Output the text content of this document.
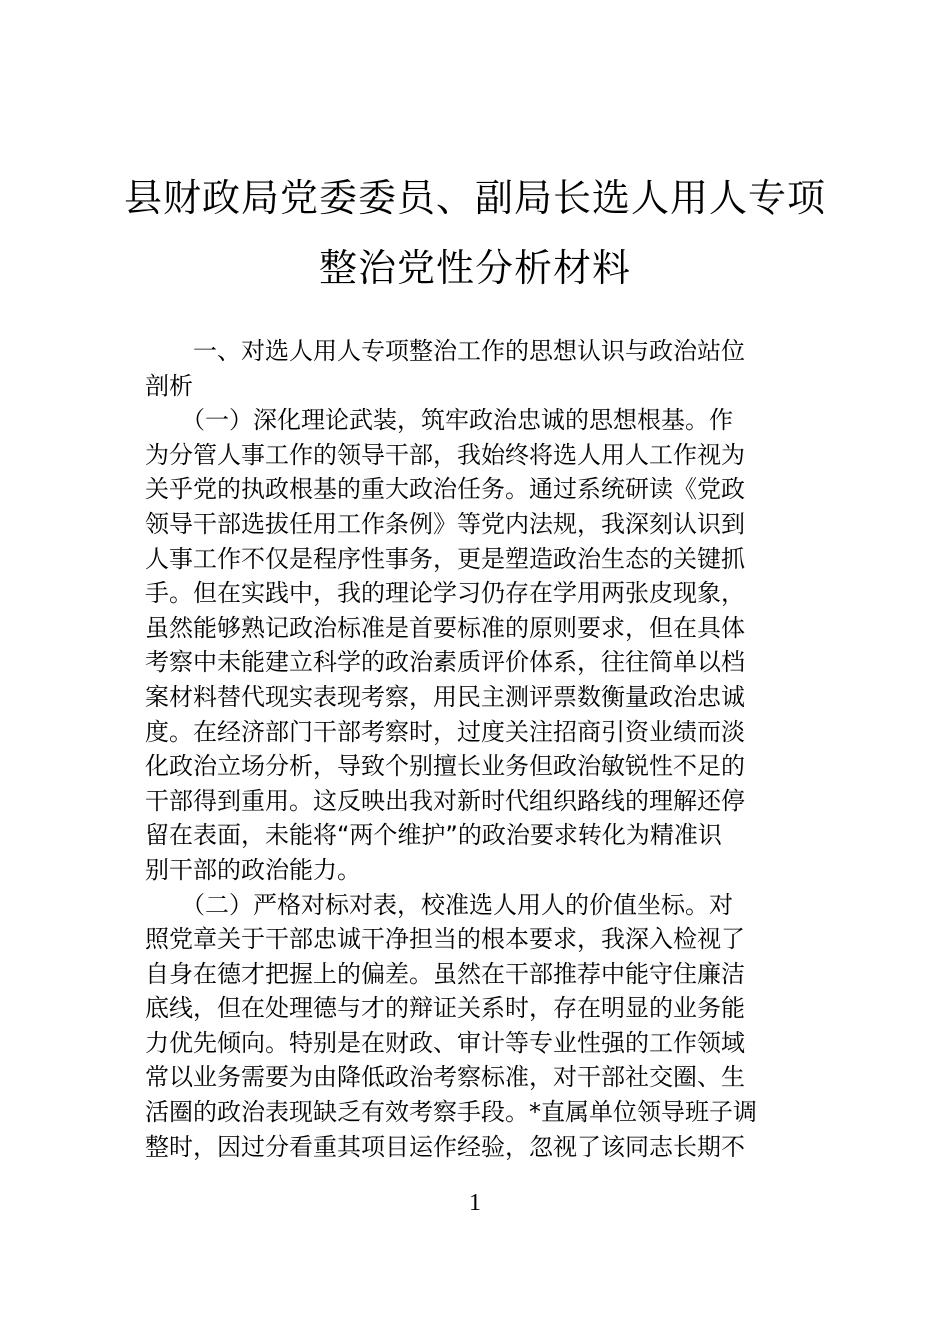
县财政局党委委员、副局长选人用人专项
整治党性分析材料
　　一、对选人用人专项整治工作的思想认识与政治站位
剖析
　　（一）深化理论武装，筑牢政治忠诚的思想根基。作
为分管人事工作的领导干部，我始终将选人用人工作视为
关乎党的执政根基的重大政治任务。通过系统研读《党政
领导干部选拔任用工作条例》等党内法规，我深刻认识到
人事工作不仅是程序性事务，更是塑造政治生态的关键抓
手。但在实践中，我的理论学习仍存在学用两张皮现象，
虽然能够熟记政治标准是首要标准的原则要求，但在具体
考察中未能建立科学的政治素质评价体系，往往简单以档
案材料替代现实表现考察，用民主测评票数衡量政治忠诚
度。在经济部门干部考察时，过度关注招商引资业绩而淡
化政治立场分析，导致个别擅长业务但政治敏锐性不足的
干部得到重用。这反映出我对新时代组织路线的理解还停
留在表面，未能将“两个维护”的政治要求转化为精准识
别干部的政治能力。
　　（二）严格对标对表，校准选人用人的价值坐标。对
照党章关于干部忠诚干净担当的根本要求，我深入检视了
自身在德才把握上的偏差。虽然在干部推荐中能守住廉洁
底线，但在处理德与才的辩证关系时，存在明显的业务能
力优先倾向。特别是在财政、审计等专业性强的工作领域
常以业务需要为由降低政治考察标准，对干部社交圈、生
活圈的政治表现缺乏有效考察手段。*直属单位领导班子调
整时，因过分看重其项目运作经验，忽视了该同志长期不
1
